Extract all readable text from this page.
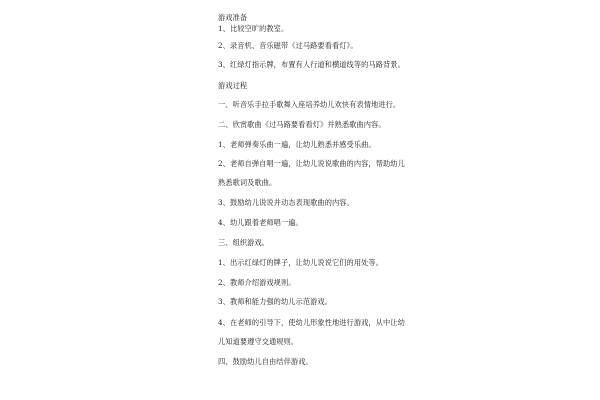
游戏准备
1、比较空旷的教室。
2、录音机、音乐磁带《过马路要看看灯》。
3、红绿灯指示牌，布置有人行道和横道线等的马路背景。
游戏过程
一、听音乐手拉手歌舞入座培养幼儿欢快有表情地进行。
二、欣赏歌曲《过马路要看看灯》并熟悉歌曲内容。
1、老师弹奏乐曲一遍，让幼儿熟悉并感受乐曲。
2、老师自弹自唱一遍，让幼儿说说歌曲的内容，帮助幼儿
熟悉歌词及歌曲。
3、鼓励幼儿说说并动态表现歌曲的内容。
4、幼儿跟着老师唱一遍。
三、组织游戏。
1、出示红绿灯的牌子，让幼儿说说它们的用处等。
2、教师介绍游戏规则。
3、教师和能力强的幼儿示范游戏。
4、在老师的引导下，使幼儿形象性地进行游戏，从中让幼
儿知道要遵守交通规则。
四、鼓励幼儿自由结伴游戏。
